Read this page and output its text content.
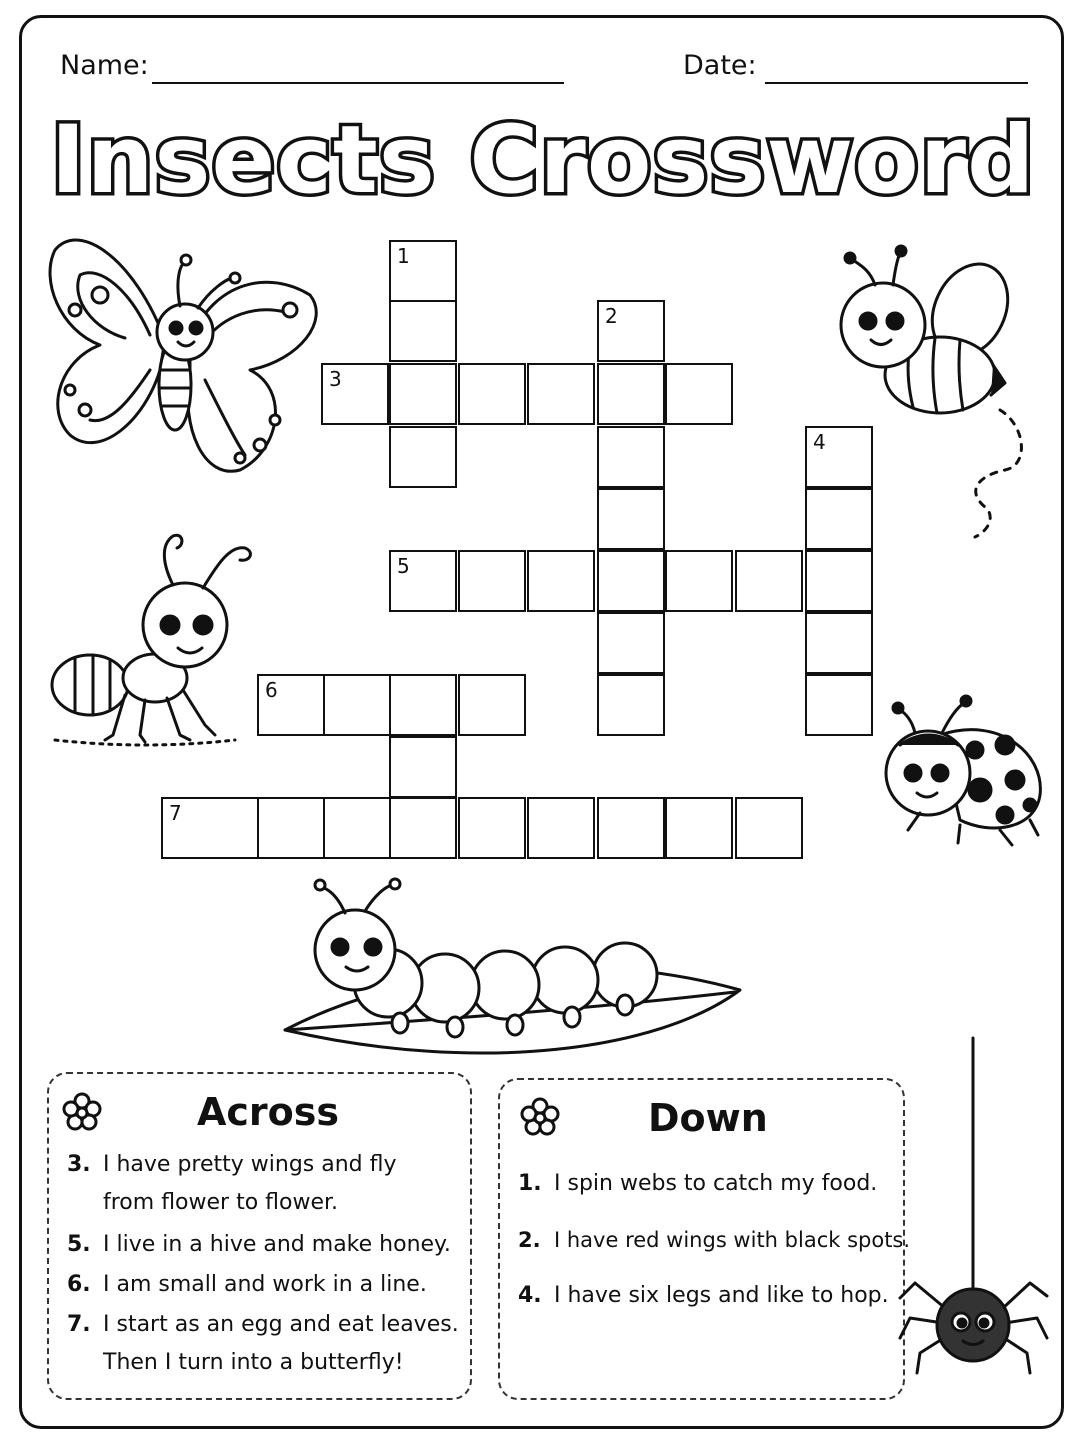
Name:	Date:
Insects Crossword
1
3
2
4
5
6
7
Across
3. I have pretty wings and fly
from flower to flower.
5. I live in a hive and make honey.
6. I am small and work in a line.
7. I start as an egg and eat leaves.
Then I turn into a butterfly!
Down
1. I spin webs to catch my food.
2. I have red wings with black spots.
4. I have six legs and like to hop.
